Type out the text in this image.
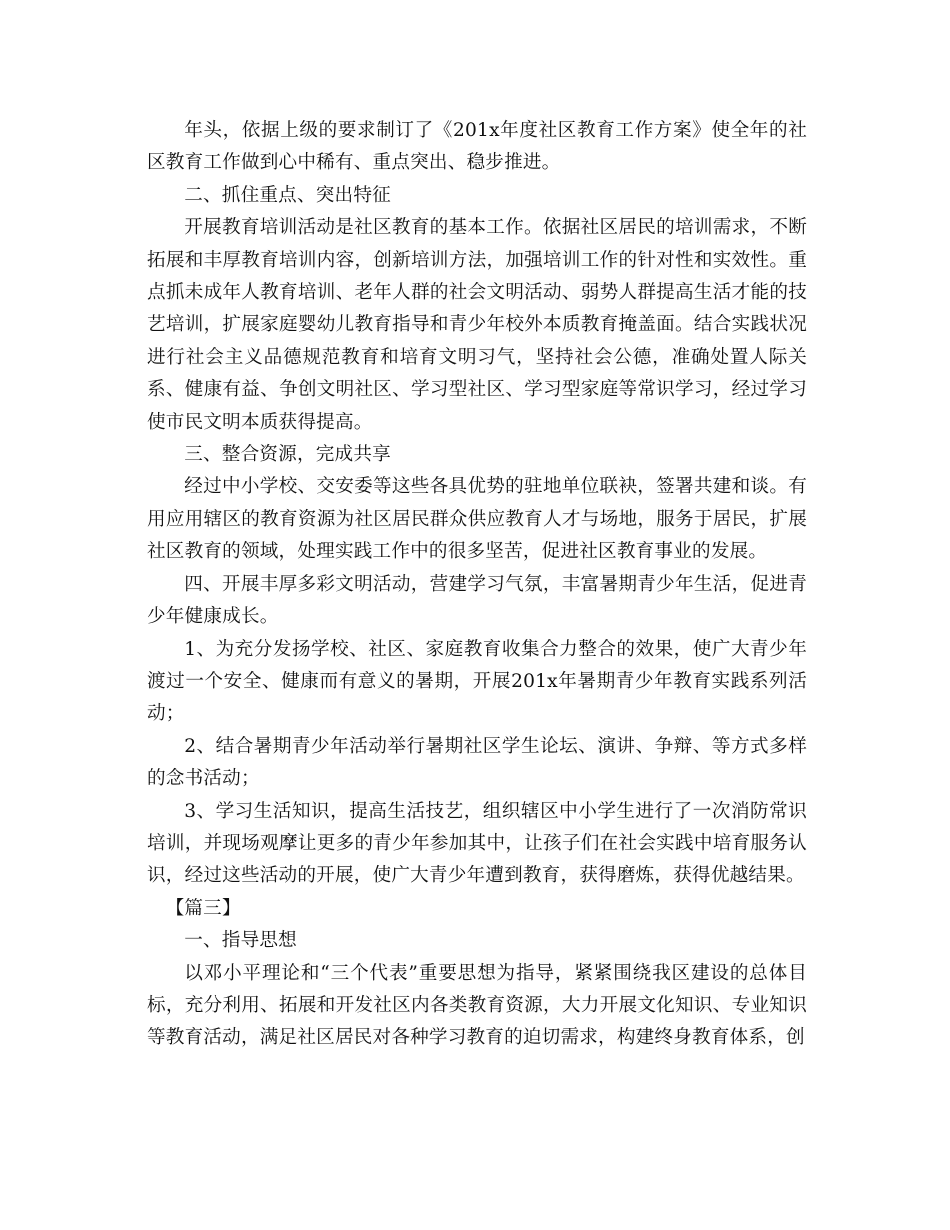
年头，依据上级的要求制订了《201x年度社区教育工作方案》使全年的社区教育工作做到心中稀有、重点突出、稳步推进。

二、抓住重点、突出特征

开展教育培训活动是社区教育的基本工作。依据社区居民的培训需求，不断拓展和丰厚教育培训内容，创新培训方法，加强培训工作的针对性和实效性。重点抓未成年人教育培训、老年人群的社会文明活动、弱势人群提高生活才能的技艺培训，扩展家庭婴幼儿教育指导和青少年校外本质教育掩盖面。结合实践状况进行社会主义品德规范教育和培育文明习气，坚持社会公德，准确处置人际关系、健康有益、争创文明社区、学习型社区、学习型家庭等常识学习，经过学习使市民文明本质获得提高。

三、整合资源，完成共享

经过中小学校、交安委等这些各具优势的驻地单位联袂，签署共建和谈。有用应用辖区的教育资源为社区居民群众供应教育人才与场地，服务于居民，扩展社区教育的领域，处理实践工作中的很多坚苦，促进社区教育事业的发展。

四、开展丰厚多彩文明活动，营建学习气氛，丰富暑期青少年生活，促进青少年健康成长。

1、为充分发扬学校、社区、家庭教育收集合力整合的效果，使广大青少年渡过一个安全、健康而有意义的暑期，开展201x年暑期青少年教育实践系列活动；

2、结合暑期青少年活动举行暑期社区学生论坛、演讲、争辩、等方式多样的念书活动；

3、学习生活知识，提高生活技艺，组织辖区中小学生进行了一次消防常识培训，并现场观摩让更多的青少年参加其中，让孩子们在社会实践中培育服务认识，经过这些活动的开展，使广大青少年遭到教育，获得磨炼，获得优越结果。

【篇三】

一、指导思想

以邓小平理论和“三个代表”重要思想为指导，紧紧围绕我区建设的总体目标，充分利用、拓展和开发社区内各类教育资源，大力开展文化知识、专业知识等教育活动，满足社区居民对各种学习教育的迫切需求，构建终身教育体系，创
